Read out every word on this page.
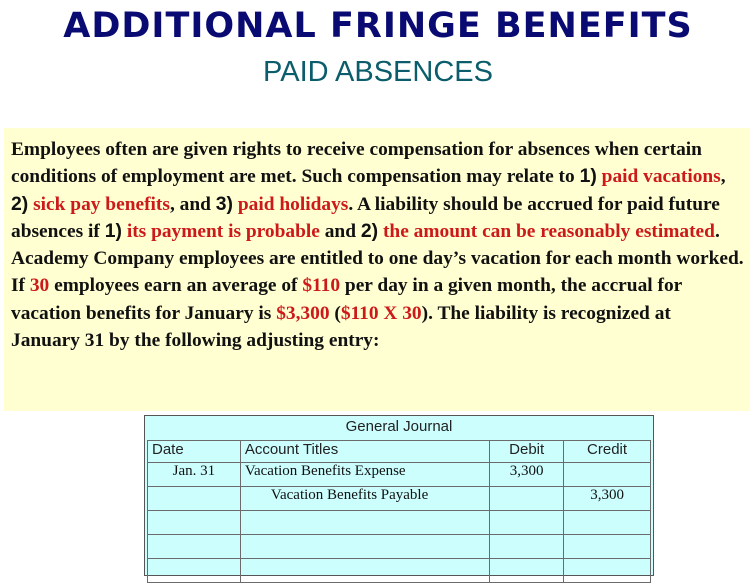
ADDITIONAL FRINGE BENEFITS
PAID ABSENCES
Employees often are given rights to receive compensation for absences when certain conditions of employment are met. Such compensation may relate to 1) paid vacations, 2) sick pay benefits, and 3) paid holidays. A liability should be accrued for paid future absences if 1) its payment is probable and 2) the amount can be reasonably estimated. Academy Company employees are entitled to one day’s vacation for each month worked. If 30 employees earn an average of $110 per day in a given month, the accrual for vacation benefits for January is $3,300 ($110 X 30). The liability is recognized at January 31 by the following adjusting entry:
General Journal
Date	Account Titles	Debit	Credit
Jan. 31	Vacation Benefits Expense	3,300	
	Vacation Benefits Payable		3,300
